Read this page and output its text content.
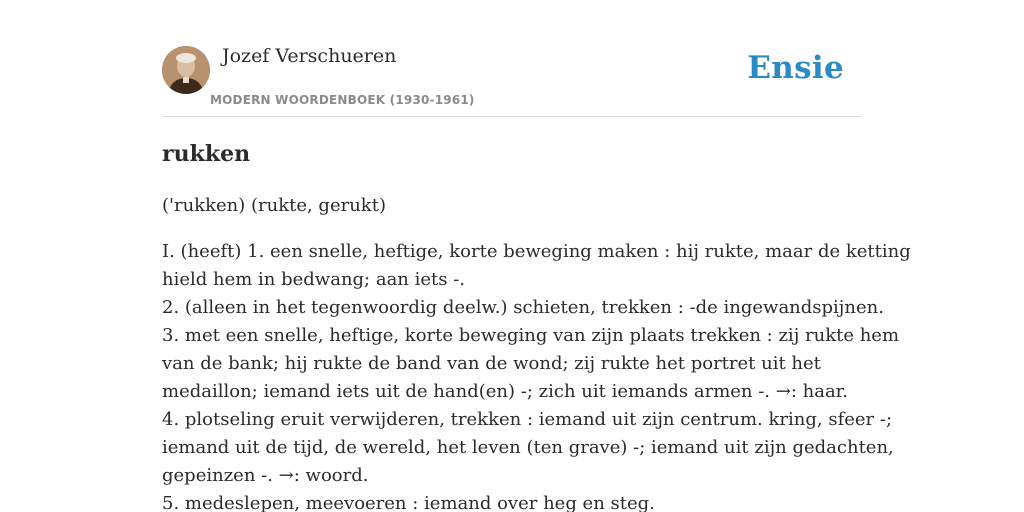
Jozef Verschueren
MODERN WOORDENBOEK (1930-1961)
Ensie
rukken

('rukken) (rukte, gerukt)

I. (heeft) 1. een snelle, heftige, korte beweging maken : hij rukte, maar de ketting
hield hem in bedwang; aan iets -.
2. (alleen in het tegenwoordig deelw.) schieten, trekken : -de ingewandspijnen.
3. met een snelle, heftige, korte beweging van zijn plaats trekken : zij rukte hem
van de bank; hij rukte de band van de wond; zij rukte het portret uit het
medaillon; iemand iets uit de hand(en) -; zich uit iemands armen -. →: haar.
4. plotseling eruit verwijderen, trekken : iemand uit zijn centrum. kring, sfeer -;
iemand uit de tijd, de wereld, het leven (ten grave) -; iemand uit zijn gedachten,
gepeinzen -. →: woord.
5. medeslepen, meevoeren : iemand over heg en steg.
